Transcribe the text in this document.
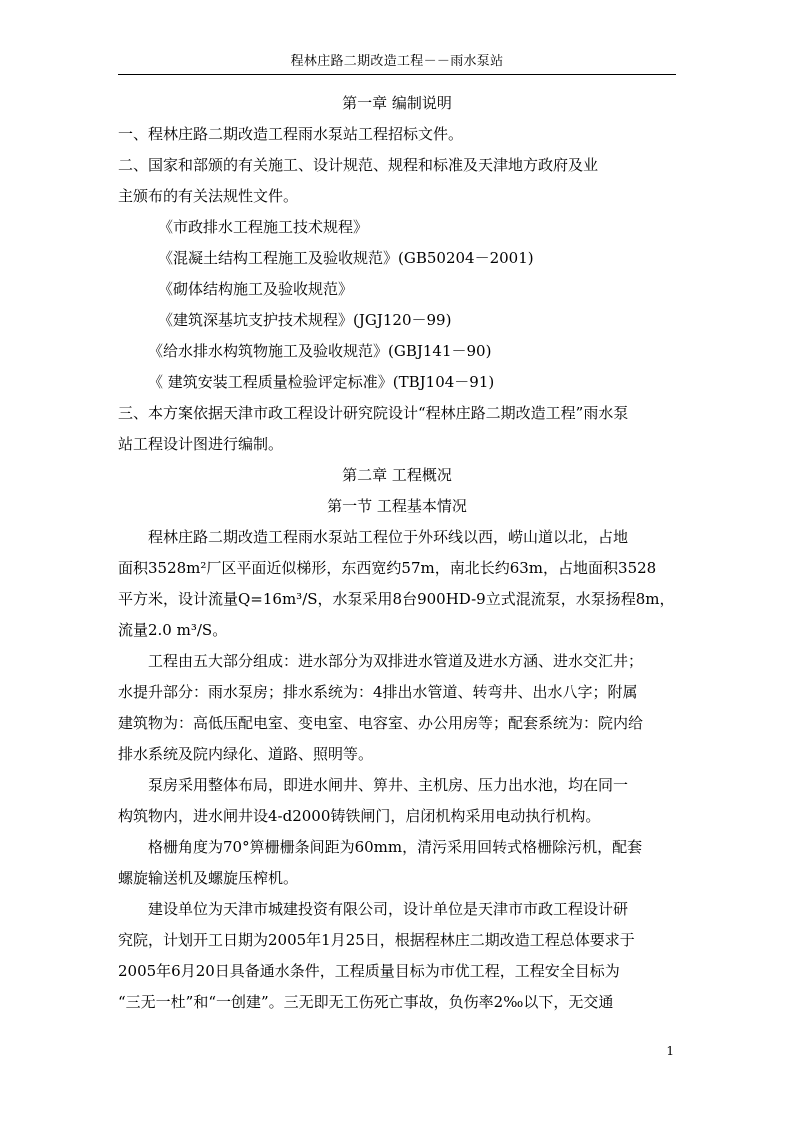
程林庄路二期改造工程－－雨水泵站
第一章 编制说明
一、程林庄路二期改造工程雨水泵站工程招标文件。
二、国家和部颁的有关施工、设计规范、规程和标准及天津地方政府及业
主颁布的有关法规性文件。
《市政排水工程施工技术规程》
《混凝土结构工程施工及验收规范》(GB50204－2001)
《砌体结构施工及验收规范》
《建筑深基坑支护技术规程》(JGJ120－99)
《给水排水构筑物施工及验收规范》(GBJ141－90)
《 建筑安装工程质量检验评定标准》(TBJ104－91)
三、本方案依据天津市政工程设计研究院设计“程林庄路二期改造工程”雨水泵
站工程设计图进行编制。
第二章 工程概况
第一节 工程基本情况
程林庄路二期改造工程雨水泵站工程位于外环线以西，崂山道以北，占地
面积3528m²厂区平面近似梯形，东西宽约57m，南北长约63m，占地面积3528
平方米，设计流量Q=16m³/S，水泵采用8台900HD-9立式混流泵，水泵扬程8m，
流量2.0 m³/S。
工程由五大部分组成：进水部分为双排进水管道及进水方涵、进水交汇井；
水提升部分：雨水泵房；排水系统为：4排出水管道、转弯井、出水八字；附属
建筑物为：高低压配电室、变电室、电容室、办公用房等；配套系统为：院内给
排水系统及院内绿化、道路、照明等。
泵房采用整体布局，即进水闸井、箅井、主机房、压力出水池，均在同一
构筑物内，进水闸井设4-d2000铸铁闸门，启闭机构采用电动执行机构。
格栅角度为70°箅栅栅条间距为60mm，清污采用回转式格栅除污机，配套
螺旋输送机及螺旋压榨机。
建设单位为天津市城建投资有限公司，设计单位是天津市市政工程设计研
究院，计划开工日期为2005年1月25日，根据程林庄二期改造工程总体要求于
2005年6月20日具备通水条件，工程质量目标为市优工程，工程安全目标为
“三无一杜”和“一创建”。三无即无工伤死亡事故，负伤率2‰以下，无交通
1
